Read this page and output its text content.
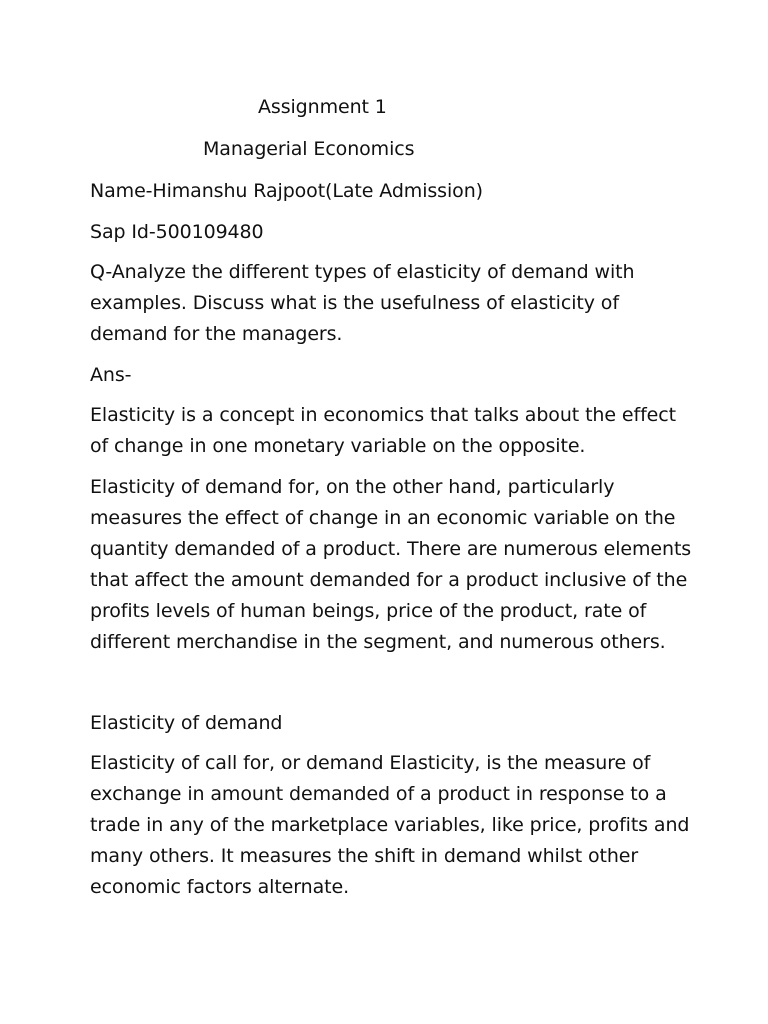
Assignment 1
Managerial Economics
Name-Himanshu Rajpoot(Late Admission)
Sap Id-500109480
Q-Analyze the different types of elasticity of demand with
examples. Discuss what is the usefulness of elasticity of
demand for the managers.
Ans-
Elasticity is a concept in economics that talks about the effect
of change in one monetary variable on the opposite.
Elasticity of demand for, on the other hand, particularly
measures the effect of change in an economic variable on the
quantity demanded of a product. There are numerous elements
that affect the amount demanded for a product inclusive of the
profits levels of human beings, price of the product, rate of
different merchandise in the segment, and numerous others.
Elasticity of demand
Elasticity of call for, or demand Elasticity, is the measure of
exchange in amount demanded of a product in response to a
trade in any of the marketplace variables, like price, profits and
many others. It measures the shift in demand whilst other
economic factors alternate.
